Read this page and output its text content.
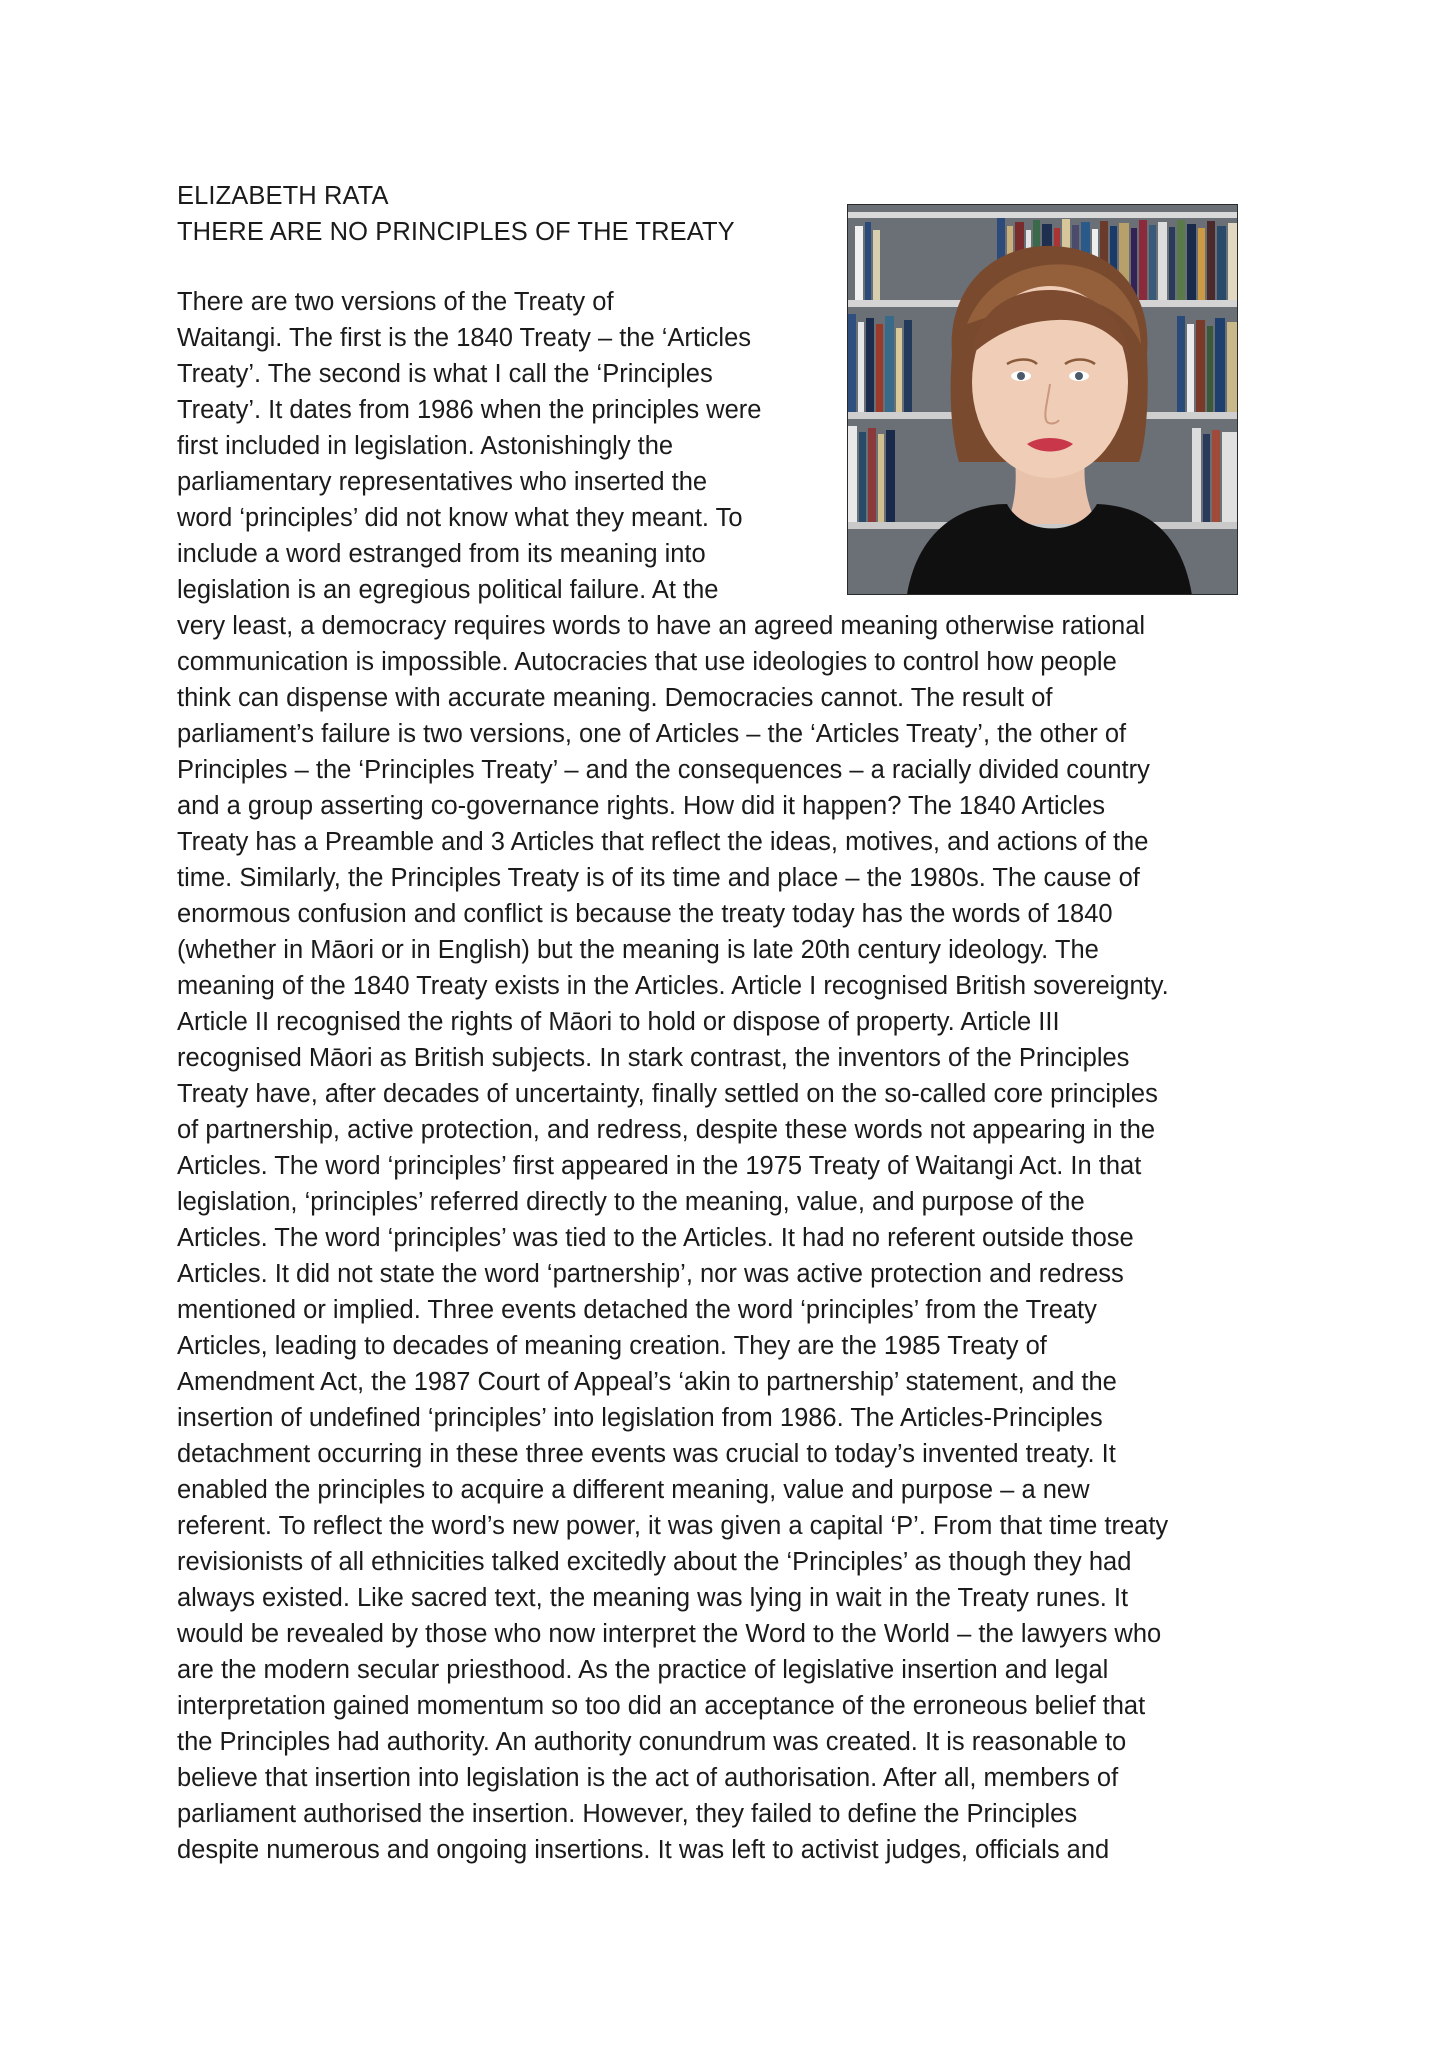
ELIZABETH RATA
THERE ARE NO PRINCIPLES OF THE TREATY
There are two versions of the Treaty of
Waitangi. The first is the 1840 Treaty – the ‘Articles
Treaty’. The second is what I call the ‘Principles
Treaty’. It dates from 1986 when the principles were
first included in legislation. Astonishingly the
parliamentary representatives who inserted the
word ‘principles’ did not know what they meant. To
include a word estranged from its meaning into
legislation is an egregious political failure. At the
very least, a democracy requires words to have an agreed meaning otherwise rational
communication is impossible. Autocracies that use ideologies to control how people
think can dispense with accurate meaning. Democracies cannot. The result of
parliament’s failure is two versions, one of Articles – the ‘Articles Treaty’, the other of
Principles – the ‘Principles Treaty’ – and the consequences – a racially divided country
and a group asserting co-governance rights. How did it happen? The 1840 Articles
Treaty has a Preamble and 3 Articles that reflect the ideas, motives, and actions of the
time. Similarly, the Principles Treaty is of its time and place – the 1980s. The cause of
enormous confusion and conflict is because the treaty today has the words of 1840
(whether in Māori or in English) but the meaning is late 20th century ideology. The
meaning of the 1840 Treaty exists in the Articles. Article I recognised British sovereignty.
Article II recognised the rights of Māori to hold or dispose of property. Article III
recognised Māori as British subjects. In stark contrast, the inventors of the Principles
Treaty have, after decades of uncertainty, finally settled on the so-called core principles
of partnership, active protection, and redress, despite these words not appearing in the
Articles. The word ‘principles’ first appeared in the 1975 Treaty of Waitangi Act. In that
legislation, ‘principles’ referred directly to the meaning, value, and purpose of the
Articles. The word ‘principles’ was tied to the Articles. It had no referent outside those
Articles. It did not state the word ‘partnership’, nor was active protection and redress
mentioned or implied. Three events detached the word ‘principles’ from the Treaty
Articles, leading to decades of meaning creation. They are the 1985 Treaty of
Amendment Act, the 1987 Court of Appeal’s ‘akin to partnership’ statement, and the
insertion of undefined ‘principles’ into legislation from 1986. The Articles-Principles
detachment occurring in these three events was crucial to today’s invented treaty. It
enabled the principles to acquire a different meaning, value and purpose – a new
referent. To reflect the word’s new power, it was given a capital ‘P’. From that time treaty
revisionists of all ethnicities talked excitedly about the ‘Principles’ as though they had
always existed. Like sacred text, the meaning was lying in wait in the Treaty runes. It
would be revealed by those who now interpret the Word to the World – the lawyers who
are the modern secular priesthood. As the practice of legislative insertion and legal
interpretation gained momentum so too did an acceptance of the erroneous belief that
the Principles had authority. An authority conundrum was created. It is reasonable to
believe that insertion into legislation is the act of authorisation. After all, members of
parliament authorised the insertion. However, they failed to define the Principles
despite numerous and ongoing insertions. It was left to activist judges, officials and
